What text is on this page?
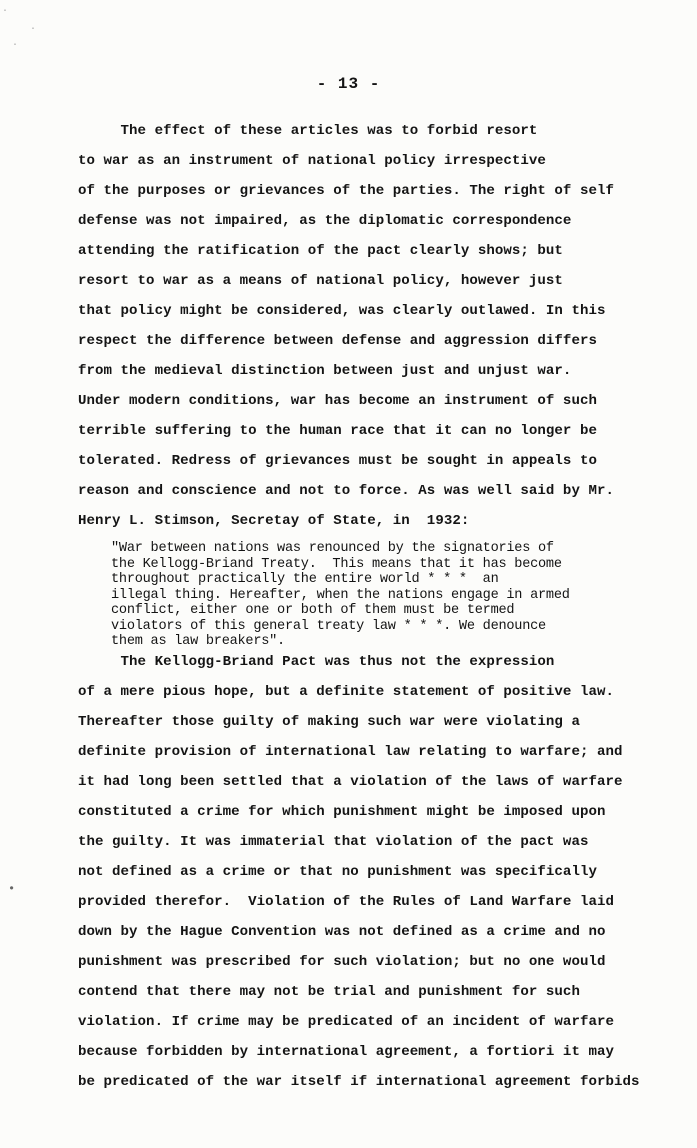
·
·
·
•
- 13 -
The effect of these articles was to forbid resort
to war as an instrument of national policy irrespective
of the purposes or grievances of the parties. The right of self
defense was not impaired, as the diplomatic correspondence
attending the ratification of the pact clearly shows; but
resort to war as a means of national policy, however just
that policy might be considered, was clearly outlawed. In this
respect the difference between defense and aggression differs
from the medieval distinction between just and unjust war.
Under modern conditions, war has become an instrument of such
terrible suffering to the human race that it can no longer be
tolerated. Redress of grievances must be sought in appeals to
reason and conscience and not to force. As was well said by Mr.
Henry L. Stimson, Secretay of State, in  1932:
"War between nations was renounced by the signatories of
the Kellogg-Briand Treaty.  This means that it has become
throughout practically the entire world * * *  an
illegal thing. Hereafter, when the nations engage in armed
conflict, either one or both of them must be termed
violators of this general treaty law * * *. We denounce
them as law breakers".
The Kellogg-Briand Pact was thus not the expression
of a mere pious hope, but a definite statement of positive law.
Thereafter those guilty of making such war were violating a
definite provision of international law relating to warfare; and
it had long been settled that a violation of the laws of warfare
constituted a crime for which punishment might be imposed upon
the guilty. It was immaterial that violation of the pact was
not defined as a crime or that no punishment was specifically
provided therefor.  Violation of the Rules of Land Warfare laid
down by the Hague Convention was not defined as a crime and no
punishment was prescribed for such violation; but no one would
contend that there may not be trial and punishment for such
violation. If crime may be predicated of an incident of warfare
because forbidden by international agreement, a fortiori it may
be predicated of the war itself if international agreement forbids
